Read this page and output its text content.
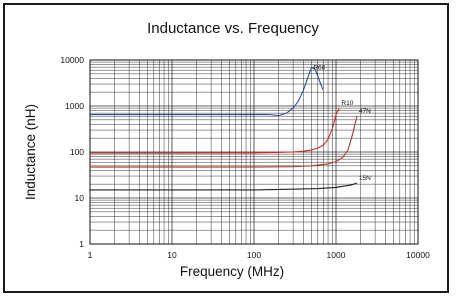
Inductance vs. Frequency
R68
R10
47N
15N
1	10	100	1000	10000
1
10
100
1000
10000
Frequency (MHz)
Inductance (nH)
